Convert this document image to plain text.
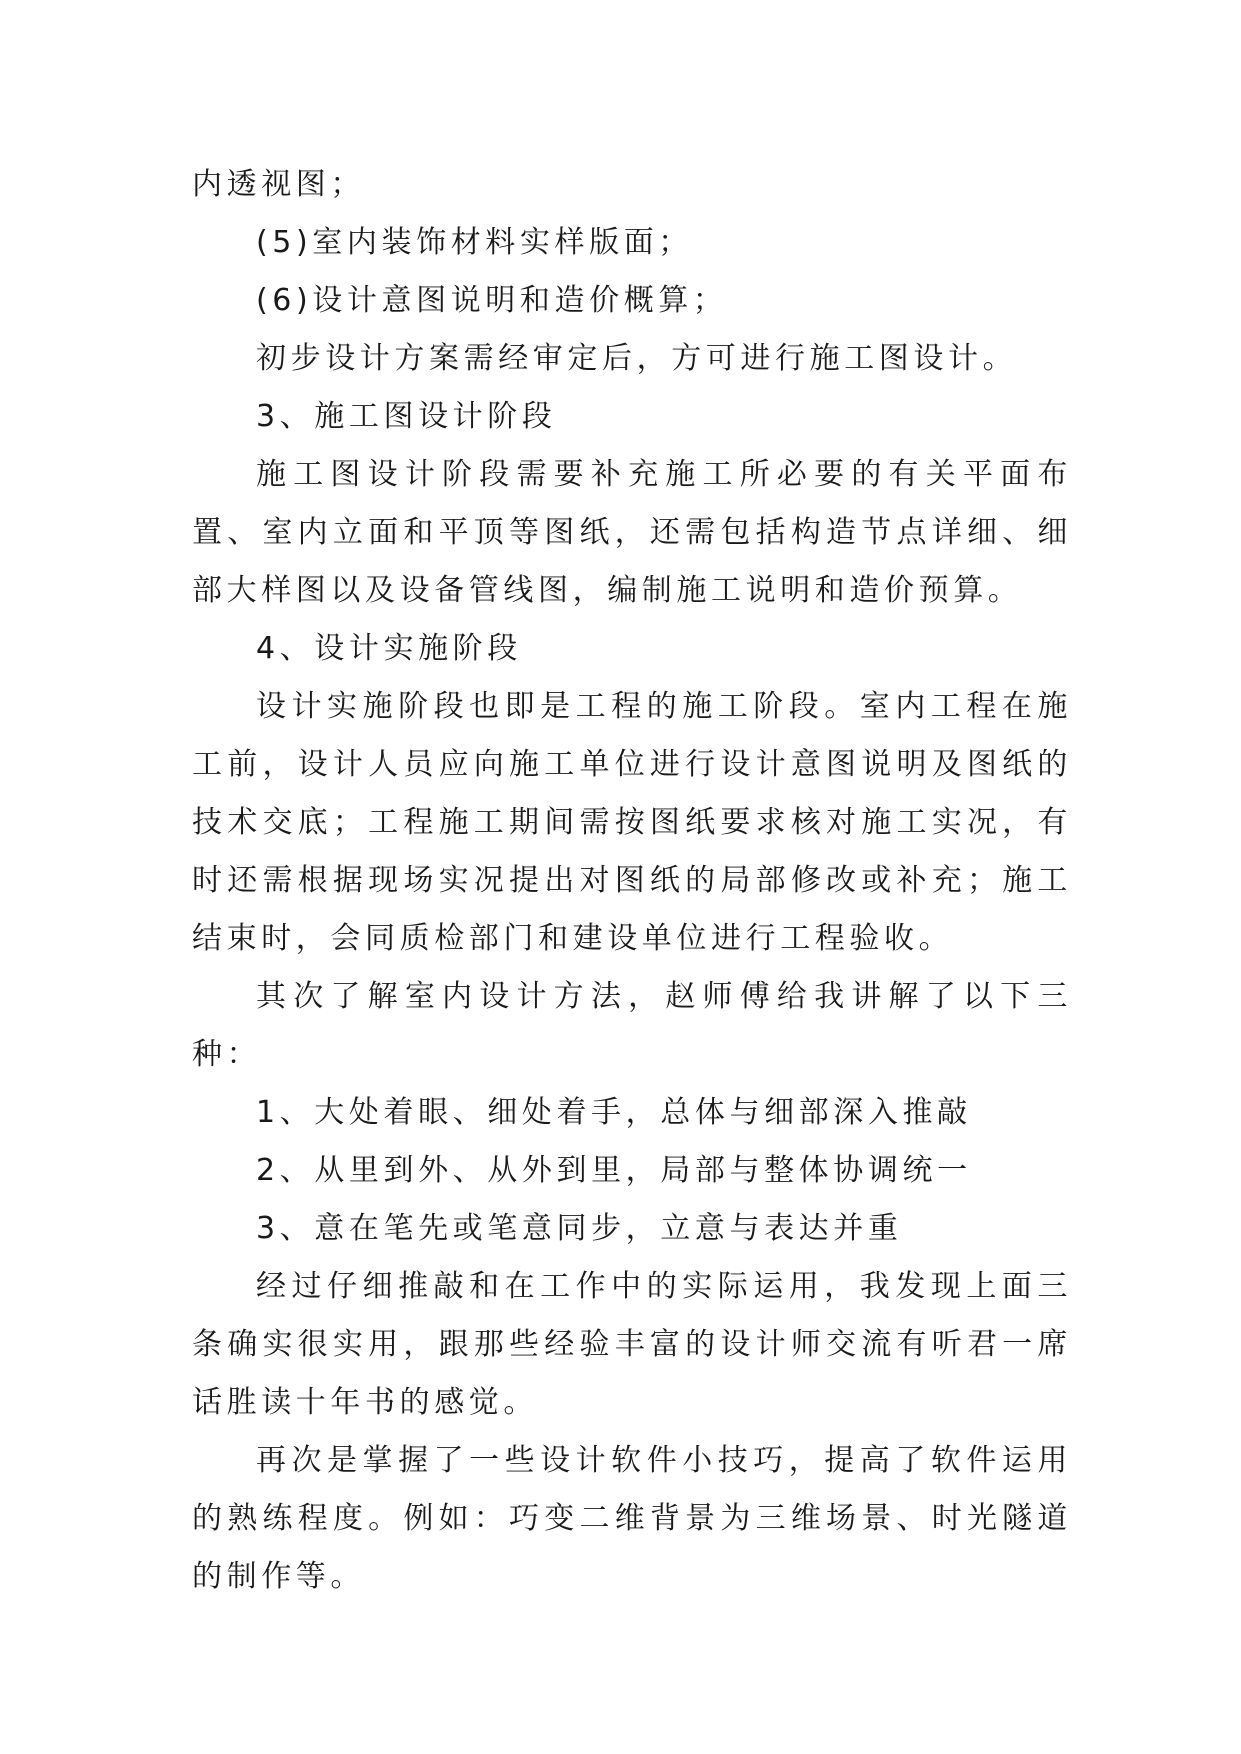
内透视图；

(5)室内装饰材料实样版面；

(6)设计意图说明和造价概算；

初步设计方案需经审定后，方可进行施工图设计。

3、施工图设计阶段

施工图设计阶段需要补充施工所必要的有关平面布置、室内立面和平顶等图纸，还需包括构造节点详细、细部大样图以及设备管线图，编制施工说明和造价预算。

4、设计实施阶段

设计实施阶段也即是工程的施工阶段。室内工程在施工前，设计人员应向施工单位进行设计意图说明及图纸的技术交底；工程施工期间需按图纸要求核对施工实况，有时还需根据现场实况提出对图纸的局部修改或补充；施工结束时，会同质检部门和建设单位进行工程验收。

其次了解室内设计方法，赵师傅给我讲解了以下三种：

1、大处着眼、细处着手，总体与细部深入推敲

2、从里到外、从外到里，局部与整体协调统一

3、意在笔先或笔意同步，立意与表达并重

经过仔细推敲和在工作中的实际运用，我发现上面三条确实很实用，跟那些经验丰富的设计师交流有听君一席话胜读十年书的感觉。

再次是掌握了一些设计软件小技巧，提高了软件运用的熟练程度。例如：巧变二维背景为三维场景、时光隧道的制作等。
